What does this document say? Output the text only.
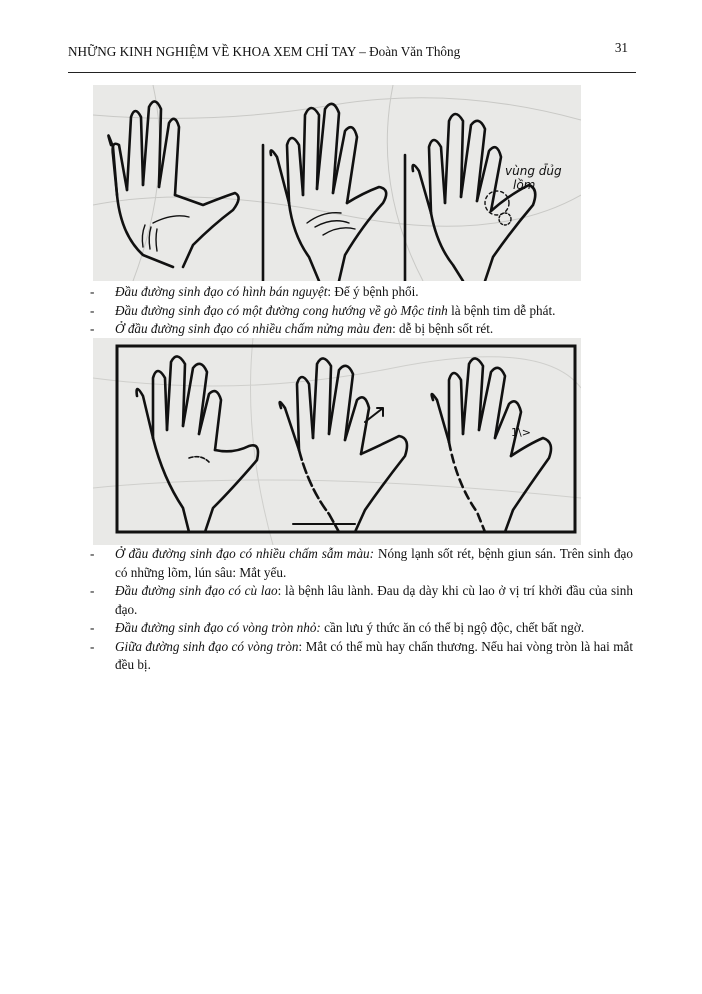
NHỮNG KINH NGHIỆM VỀ KHOA XEM CHỈ TAY – Đoàn Văn Thông	31
vùng d̄ủg
lồm
- Đầu đường sinh đạo có hình bán nguyệt: Để ý bệnh phổi.
- Đầu đường sinh đạo có một đường cong hướng về gò Mộc tinh là bệnh tim dễ phát.
- Ở đầu đường sinh đạo có nhiều chấm nửng màu đen: dễ bị bệnh sốt rét.
1\>
- Ở đầu đường sinh đạo có nhiều chấm sẫm màu: Nóng lạnh sốt rét, bệnh giun sán. Trên sinh đạo có những lõm, lún sâu: Mắt yếu.
- Đầu đường sinh đạo có cù lao: là bệnh lâu lành. Đau dạ dày khi cù lao ở vị trí khởi đầu của sinh đạo.
- Đầu đường sinh đạo có vòng tròn nhỏ: cần lưu ý thức ăn có thể bị ngộ độc, chết bất ngờ.
- Giữa đường sinh đạo có vòng tròn: Mắt có thể mù hay chấn thương. Nếu hai vòng tròn là hai mắt đều bị.
